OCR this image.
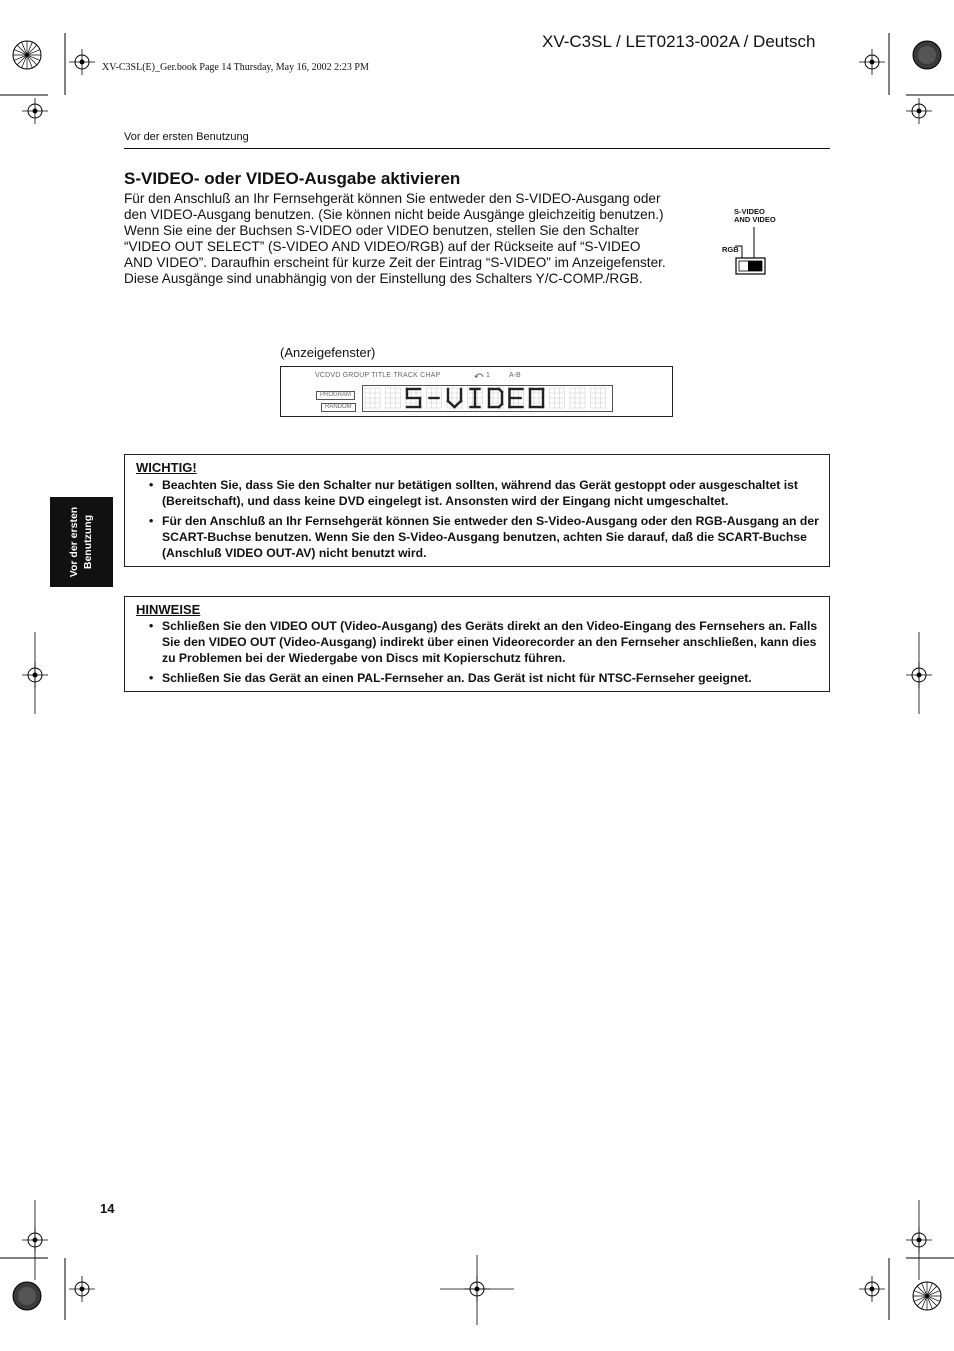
XV-C3SL / LET0213-002A / Deutsch
XV-C3SL(E)_Ger.book Page 14 Thursday, May 16, 2002 2:23 PM
Vor der ersten Benutzung
S-VIDEO- oder VIDEO-Ausgabe aktivieren

Für den Anschluß an Ihr Fernsehgerät können Sie entweder den S-VIDEO-Ausgang oder den VIDEO-Ausgang benutzen. (Sie können nicht beide Ausgänge gleichzeitig benutzen.)

Wenn Sie eine der Buchsen S-VIDEO oder VIDEO benutzen, stellen Sie den Schalter “VIDEO OUT SELECT” (S-VIDEO AND VIDEO/RGB) auf der Rückseite auf “S-VIDEO AND VIDEO”. Daraufhin erscheint für kurze Zeit der Eintrag “S-VIDEO” im Anzeigefenster. Diese Ausgänge sind unabhängig von der Einstellung des Schalters Y/C-COMP./RGB.

S-VIDEO
AND VIDEO
RGB
(Anzeigefenster)
VCDVD GROUP TITLE TRACK CHAP	1	A-B
PROGRAM
RANDOM
Vor der ersten Benutzung
WICHTIG!
• Beachten Sie, dass Sie den Schalter nur betätigen sollten, während das Gerät gestoppt oder ausgeschaltet ist (Bereitschaft), und dass keine DVD eingelegt ist. Ansonsten wird der Eingang nicht umgeschaltet.
• Für den Anschluß an Ihr Fernsehgerät können Sie entweder den S-Video-Ausgang oder den RGB-Ausgang an der SCART-Buchse benutzen. Wenn Sie den S-Video-Ausgang benutzen, achten Sie darauf, daß die SCART-Buchse (Anschluß VIDEO OUT-AV) nicht benutzt wird.
HINWEISE
• Schließen Sie den VIDEO OUT (Video-Ausgang) des Geräts direkt an den Video-Eingang des Fernsehers an. Falls Sie den VIDEO OUT (Video-Ausgang) indirekt über einen Videorecorder an den Fernseher anschließen, kann dies zu Problemen bei der Wiedergabe von Discs mit Kopierschutz führen.
• Schließen Sie das Gerät an einen PAL-Fernseher an. Das Gerät ist nicht für NTSC-Fernseher geeignet.
14
